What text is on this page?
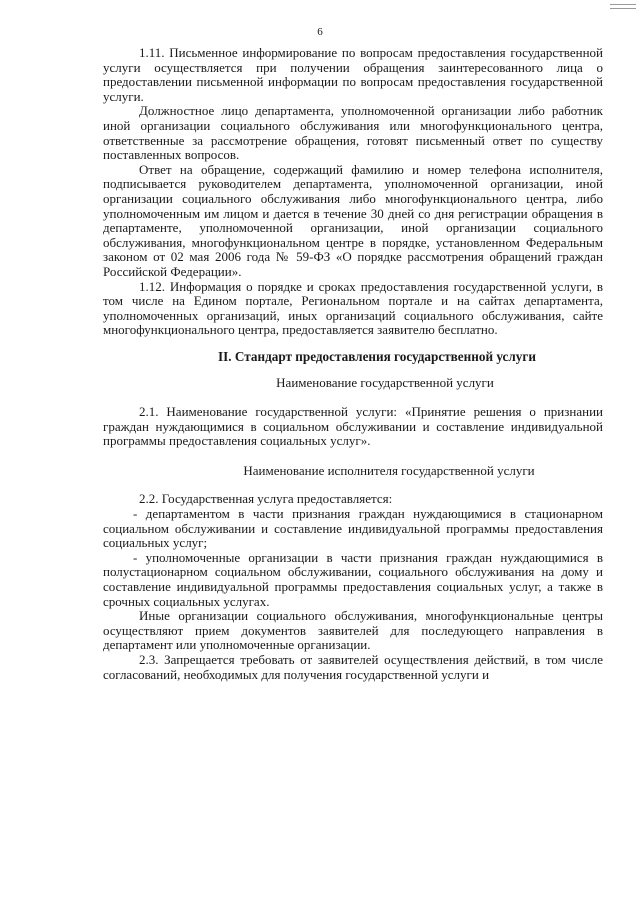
6

1.11. Письменное информирование по вопросам предоставления государственной услуги осуществляется при получении обращения заинтересованного лица о предоставлении письменной информации по вопросам предоставления государственной услуги.

Должностное лицо департамента, уполномоченной организации либо работник иной организации социального обслуживания или многофункционального центра, ответственные за рассмотрение обращения, готовят письменный ответ по существу поставленных вопросов.

Ответ на обращение, содержащий фамилию и номер телефона исполнителя, подписывается руководителем департамента, уполномоченной организации, иной организации социального обслуживания либо многофункционального центра, либо уполномоченным им лицом и дается в течение 30 дней со дня регистрации обращения в департаменте, уполномоченной организации, иной организации социального обслуживания, многофункциональном центре в порядке, установленном Федеральным законом от 02 мая 2006 года № 59-ФЗ «О порядке рассмотрения обращений граждан Российской Федерации».

1.12. Информация о порядке и сроках предоставления государственной услуги, в том числе на Едином портале, Региональном портале и на сайтах департамента, уполномоченных организаций, иных организаций социального обслуживания, сайте многофункционального центра, предоставляется заявителю бесплатно.

II. Стандарт предоставления государственной услуги
Наименование государственной услуги

2.1. Наименование государственной услуги: «Принятие решения о признании граждан нуждающимися в социальном обслуживании и составление индивидуальной программы предоставления социальных услуг».

Наименование исполнителя государственной услуги

2.2. Государственная услуга предоставляется:

- департаментом в части признания граждан нуждающимися в стационарном социальном обслуживании и составление индивидуальной программы предоставления социальных услуг;

- уполномоченные организации в части признания граждан нуждающимися в полустационарном социальном обслуживании, социального обслуживания на дому и составление индивидуальной программы предоставления социальных услуг, а также в срочных социальных услугах.

Иные организации социального обслуживания, многофункциональные центры осуществляют прием документов заявителей для последующего направления в департамент или уполномоченные организации.

2.3. Запрещается требовать от заявителей осуществления действий, в том числе согласований, необходимых для получения государственной услуги и
